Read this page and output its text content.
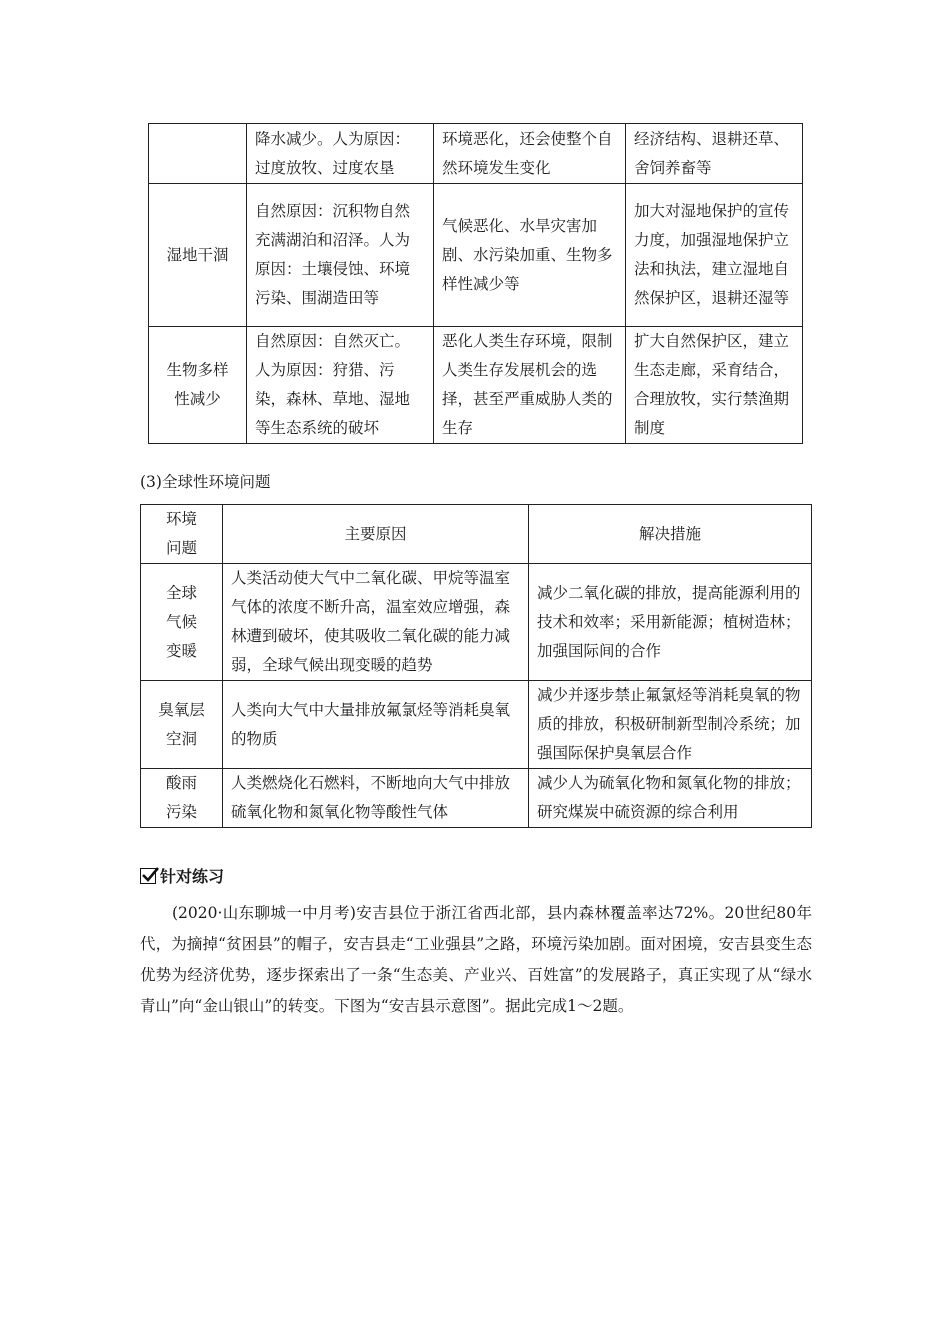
	降水减少。人为原因：过度放牧、过度农垦	环境恶化，还会使整个自然环境发生变化	经济结构、退耕还草、舍饲养畜等
湿地干涸	自然原因：沉积物自然充满湖泊和沼泽。人为原因：土壤侵蚀、环境污染、围湖造田等	气候恶化、水旱灾害加剧、水污染加重、生物多样性减少等	加大对湿地保护的宣传力度，加强湿地保护立法和执法，建立湿地自然保护区，退耕还湿等
生物多样性减少	自然原因：自然灭亡。人为原因：狩猎、污染，森林、草地、湿地等生态系统的破坏	恶化人类生存环境，限制人类生存发展机会的选择，甚至严重威胁人类的生存	扩大自然保护区，建立生态走廊，采育结合，合理放牧，实行禁渔期制度
(3)全球性环境问题
环境问题	主要原因	解决措施
全球气候变暖	人类活动使大气中二氧化碳、甲烷等温室气体的浓度不断升高，温室效应增强，森林遭到破坏，使其吸收二氧化碳的能力减弱，全球气候出现变暖的趋势	减少二氧化碳的排放，提高能源利用的技术和效率；采用新能源；植树造林；加强国际间的合作
臭氧层空洞	人类向大气中大量排放氟氯烃等消耗臭氧的物质	减少并逐步禁止氟氯烃等消耗臭氧的物质的排放，积极研制新型制冷系统；加强国际保护臭氧层合作
酸雨污染	人类燃烧化石燃料，不断地向大气中排放硫氧化物和氮氧化物等酸性气体	减少人为硫氧化物和氮氧化物的排放；研究煤炭中硫资源的综合利用
针对练习

(2020·山东聊城一中月考)安吉县位于浙江省西北部，县内森林覆盖率达72%。20世纪80年代，为摘掉“贫困县”的帽子，安吉县走“工业强县”之路，环境污染加剧。面对困境，安吉县变生态优势为经济优势，逐步探索出了一条“生态美、产业兴、百姓富”的发展路子，真正实现了从“绿水青山”向“金山银山”的转变。下图为“安吉县示意图”。据此完成1～2题。
